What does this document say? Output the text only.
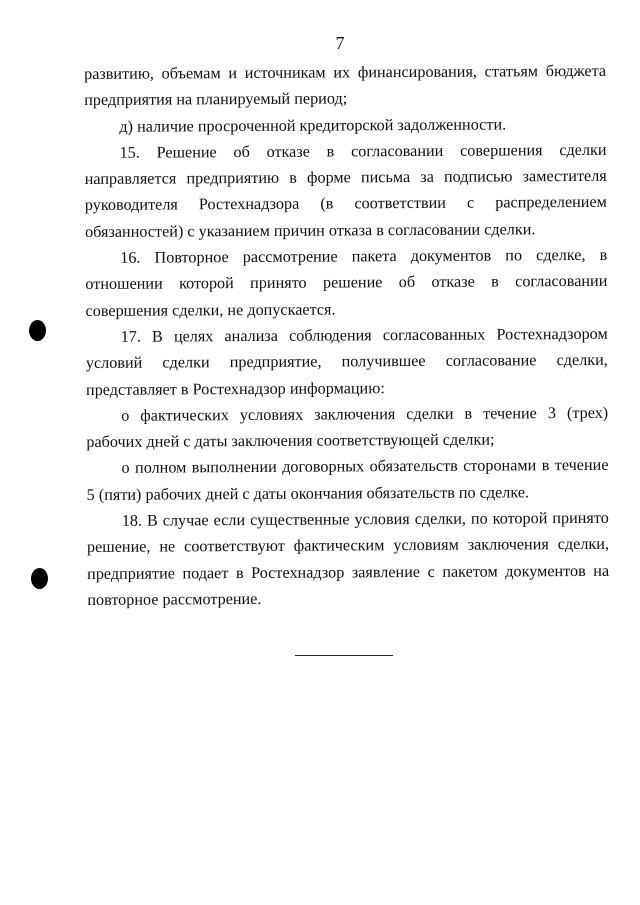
7

развитию, объемам и источникам их финансирования, статьям бюджета предприятия на планируемый период;

д) наличие просроченной кредиторской задолженности.

15. Решение об отказе в согласовании совершения сделки направляется предприятию в форме письма за подписью заместителя руководителя Ростехнадзора (в соответствии с распределением обязанностей) с указанием причин отказа в согласовании сделки.

16. Повторное рассмотрение пакета документов по сделке, в отношении которой принято решение об отказе в согласовании совершения сделки, не допускается.

17. В целях анализа соблюдения согласованных Ростехнадзором условий сделки предприятие, получившее согласование сделки, представляет в Ростехнадзор информацию:

о фактических условиях заключения сделки в течение 3 (трех) рабочих дней с даты заключения соответствующей сделки;

о полном выполнении договорных обязательств сторонами в течение 5 (пяти) рабочих дней с даты окончания обязательств по сделке.

18. В случае если существенные условия сделки, по которой принято решение, не соответствуют фактическим условиям заключения сделки, предприятие подает в Ростехнадзор заявление с пакетом документов на повторное рассмотрение.
